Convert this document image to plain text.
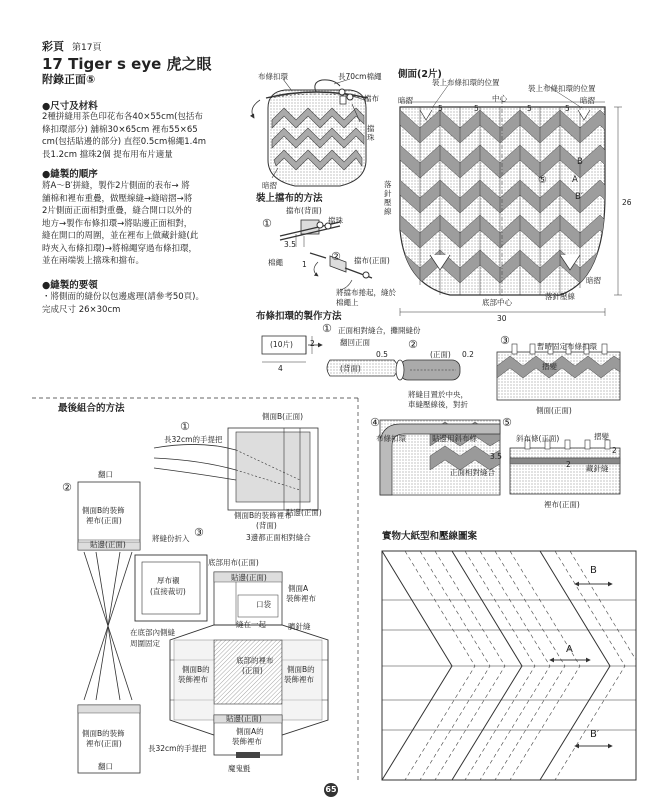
彩頁 第17頁
17 Tiger s eye 虎之眼
附錄正面⑤
●尺寸及材料
2種拼縫用茶色印花布各40×55cm(包括布
條扣環部分) 舖棉30×65cm 裡布55×65
cm(包括貼邊的部分) 直徑0.5cm棉繩1.4m
長1.2cm 擋珠2個 提布用布片適量
●縫製的順序
將A～B′拼縫，製作2片側面的表布→ 將
舖棉和裡布重疊，做壓線縫→縫暗摺→將
2片側面正面相對重疊，縫合開口以外的
地方→製作布條扣環→將貼邊正面相對，
縫在開口的周圍，並在裡布上做藏針縫(此
時夾入布條扣環)→將棉繩穿過布條扣環，
並在兩端裝上擋珠和擋布。
●縫製的要領
・將側面的縫份以包邊處理(請參考50頁)。
完成尺寸 26×30cm
布條扣環	長70cm棉繩
擋布
擋珠
暗摺
裝上擋布的方法
①
擋布(背面)
擋珠
3.5
1
棉繩	② 擋布(正面)
將擋布捲起，縫於
棉繩上
側面(2片)
裝上布條扣環的位置
裝上布條扣環的位置
暗摺	中心	暗摺
5	5	5	5
B
A
B′
⑤
落針壓線
暗摺
26
底部中心
落針壓線
30
布條扣環的製作方法
① 正面相對縫合，攤開縫份
翻回正面
(10片) 2
4
0.5
(背面)
②
(正面) 0.2
將縫目置於中央，
車縫壓線後，對折
③	暫時固定布條扣環
摺變
側面(正面)
④
布條扣環	貼邊用斜布條
正面相對縫合
3.5
⑤
斜布條(正面)	摺變
2
藏針縫
2
裡布(正面)
最後組合的方法
①
側面B(正面)
長32cm的手提把
側面B的裝飾裡布
(背面)
貼邊(正面)
3邊都正面相對縫合
②
翻口
側面B的裝飾
裡布(正面)
貼邊(正面)
③
將縫份折入
厚布襯
(直接裁切)
底部用布(正面)
貼邊(正面)
側面A
裝飾裡布
口袋
縫在一起	臍針縫
在底部內側縫
周圍固定
底部的裡布
(正面)
側面B的
裝飾裡布
側面B的
裝飾裡布
側面A的
裝飾裡布
貼邊(正面)
魔鬼氈
長32cm的手提把
側面B的裝飾
裡布(正面)
翻口
實物大紙型和壓線圖案
B
A
B′
65
